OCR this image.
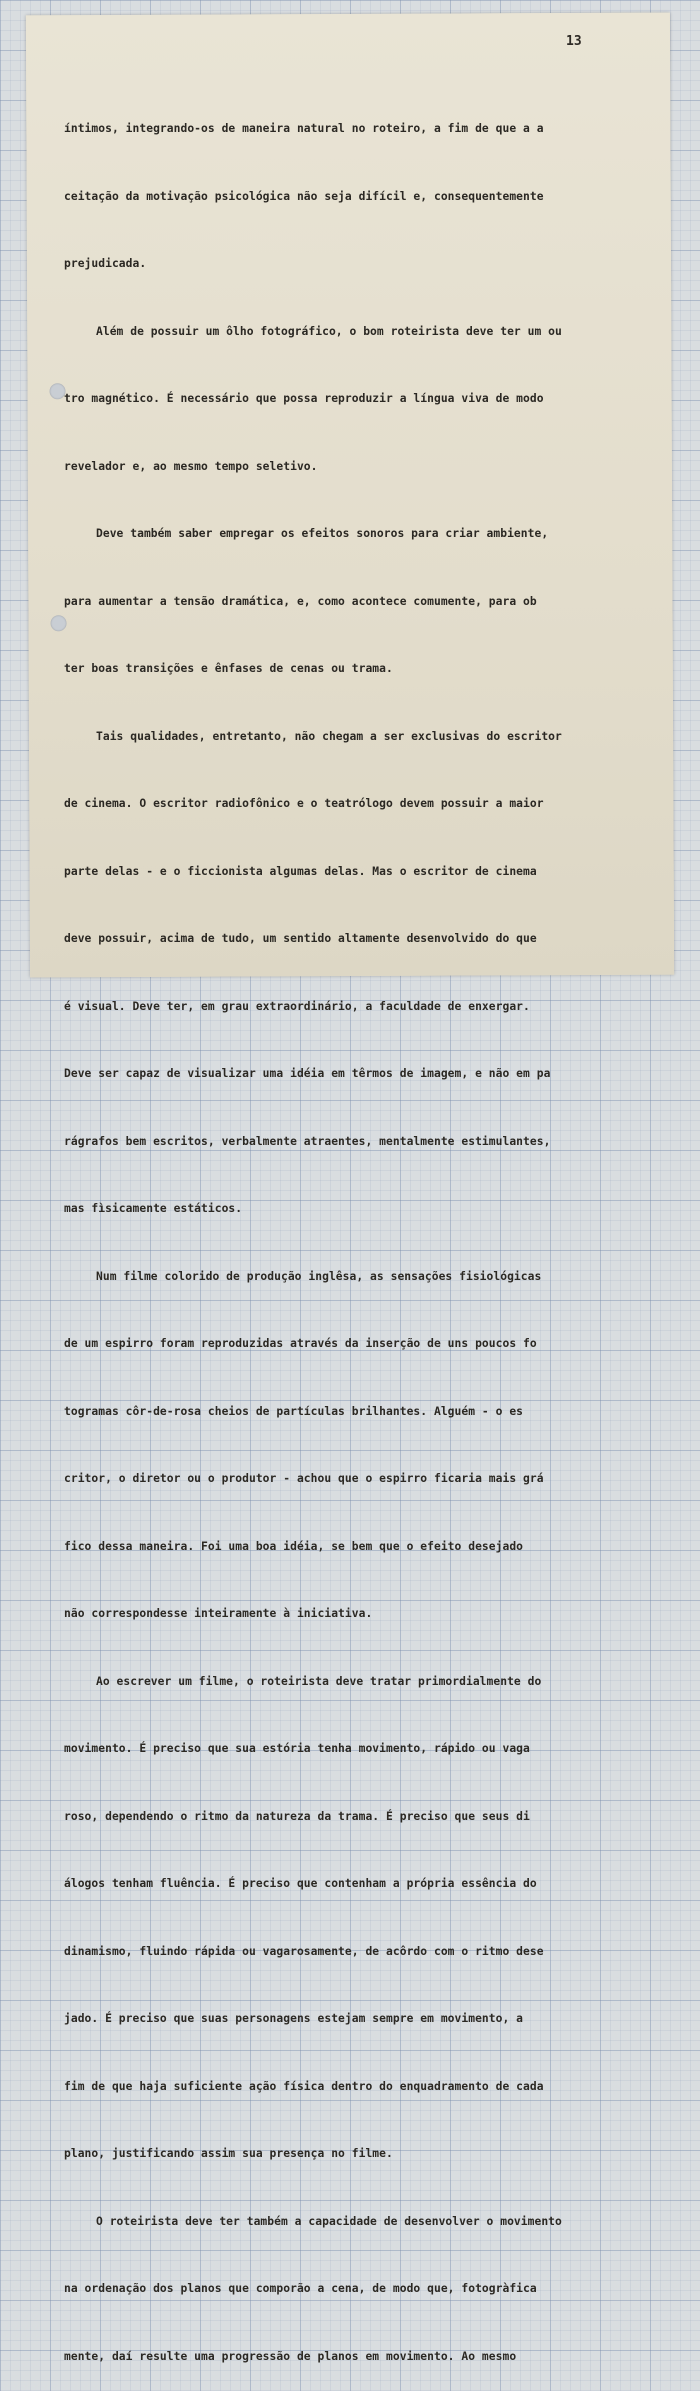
13

íntimos, integrando-os de maneira natural no roteiro, a fim de que a a

ceitação da motivação psicológica não seja difícil e, consequentemente

prejudicada.

Além de possuir um ôlho fotográfico, o bom roteirista deve ter um ou

tro magnético. É necessário que possa reproduzir a língua viva de modo

revelador e, ao mesmo tempo seletivo.

Deve também saber empregar os efeitos sonoros para criar ambiente,

para aumentar a tensão dramática, e, como acontece comumente, para ob

ter boas transições e ênfases de cenas ou trama.

Tais qualidades, entretanto, não chegam a ser exclusivas do escritor

de cinema. O escritor radiofônico e o teatrólogo devem possuir a maior

parte delas - e o ficcionista algumas delas. Mas o escritor de cinema

deve possuir, acima de tudo, um sentido altamente desenvolvido do que

é visual. Deve ter, em grau extraordinário, a faculdade de enxergar.

Deve ser capaz de visualizar uma idéia em têrmos de imagem, e não em pa

rágrafos bem escritos, verbalmente atraentes, mentalmente estimulantes,

mas fìsicamente estáticos.

Num filme colorido de produção inglêsa, as sensações fisiológicas

de um espirro foram reproduzidas através da inserção de uns poucos fo

togramas côr-de-rosa cheios de partículas brilhantes. Alguém - o es

critor, o diretor ou o produtor - achou que o espirro ficaria mais grá

fico dessa maneira. Foi uma boa idéia, se bem que o efeito desejado

não correspondesse inteiramente à iniciativa.

Ao escrever um filme, o roteirista deve tratar primordialmente do

movimento. É preciso que sua estória tenha movimento, rápido ou vaga

roso, dependendo o ritmo da natureza da trama. É preciso que seus di

álogos tenham fluência. É preciso que contenham a própria essência do

dinamismo, fluindo rápida ou vagarosamente, de acôrdo com o ritmo dese

jado. É preciso que suas personagens estejam sempre em movimento, a

fim de que haja suficiente ação física dentro do enquadramento de cada

plano, justificando assim sua presença no filme.

O roteirista deve ter também a capacidade de desenvolver o movimento

na ordenação dos planos que comporão a cena, de modo que, fotogràfica

mente, daí resulte uma progressão de planos em movimento. Ao mesmo
